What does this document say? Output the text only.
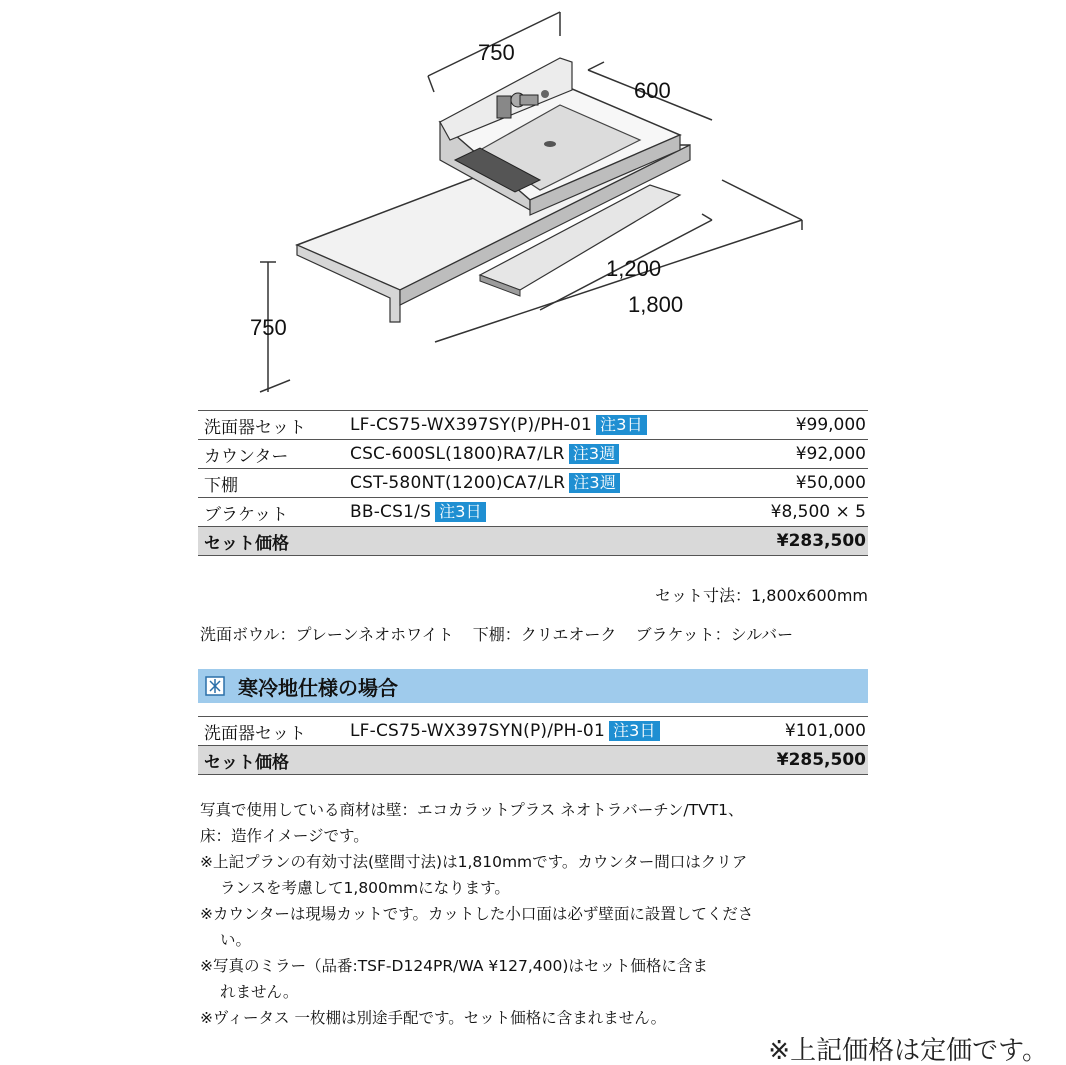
750
600
1,200
1,800
750
洗面器セット	LF-CS75-WX397SY(P)/PH-01 注3日	¥99,000
カウンター	CSC-600SL(1800)RA7/LR 注3週	¥92,000
下棚	CST-580NT(1200)CA7/LR 注3週	¥50,000
ブラケット	BB-CS1/S 注3日	¥8,500 × 5
セット価格		¥283,500
セット寸法：1,800x600mm
洗面ボウル：プレーンネオホワイト 下棚：クリエオーク ブラケット：シルバー
寒冷地仕様の場合
洗面器セット	LF-CS75-WX397SYN(P)/PH-01 注3日	¥101,000
セット価格		¥285,500

写真で使用している商材は壁：エコカラットプラス ネオトラバーチン/TVT1、

床：造作イメージです。

※上記プランの有効寸法(壁間寸法)は1,810mmです。カウンター間口はクリア

ランスを考慮して1,800mmになります。

※カウンターは現場カットです。カットした小口面は必ず壁面に設置してくださ

い。

※写真のミラー（品番:TSF-D124PR/WA ¥127,400)はセット価格に含ま

れません。

※ヴィータス 一枚棚は別途手配です。セット価格に含まれません。

※上記価格は定価です。
